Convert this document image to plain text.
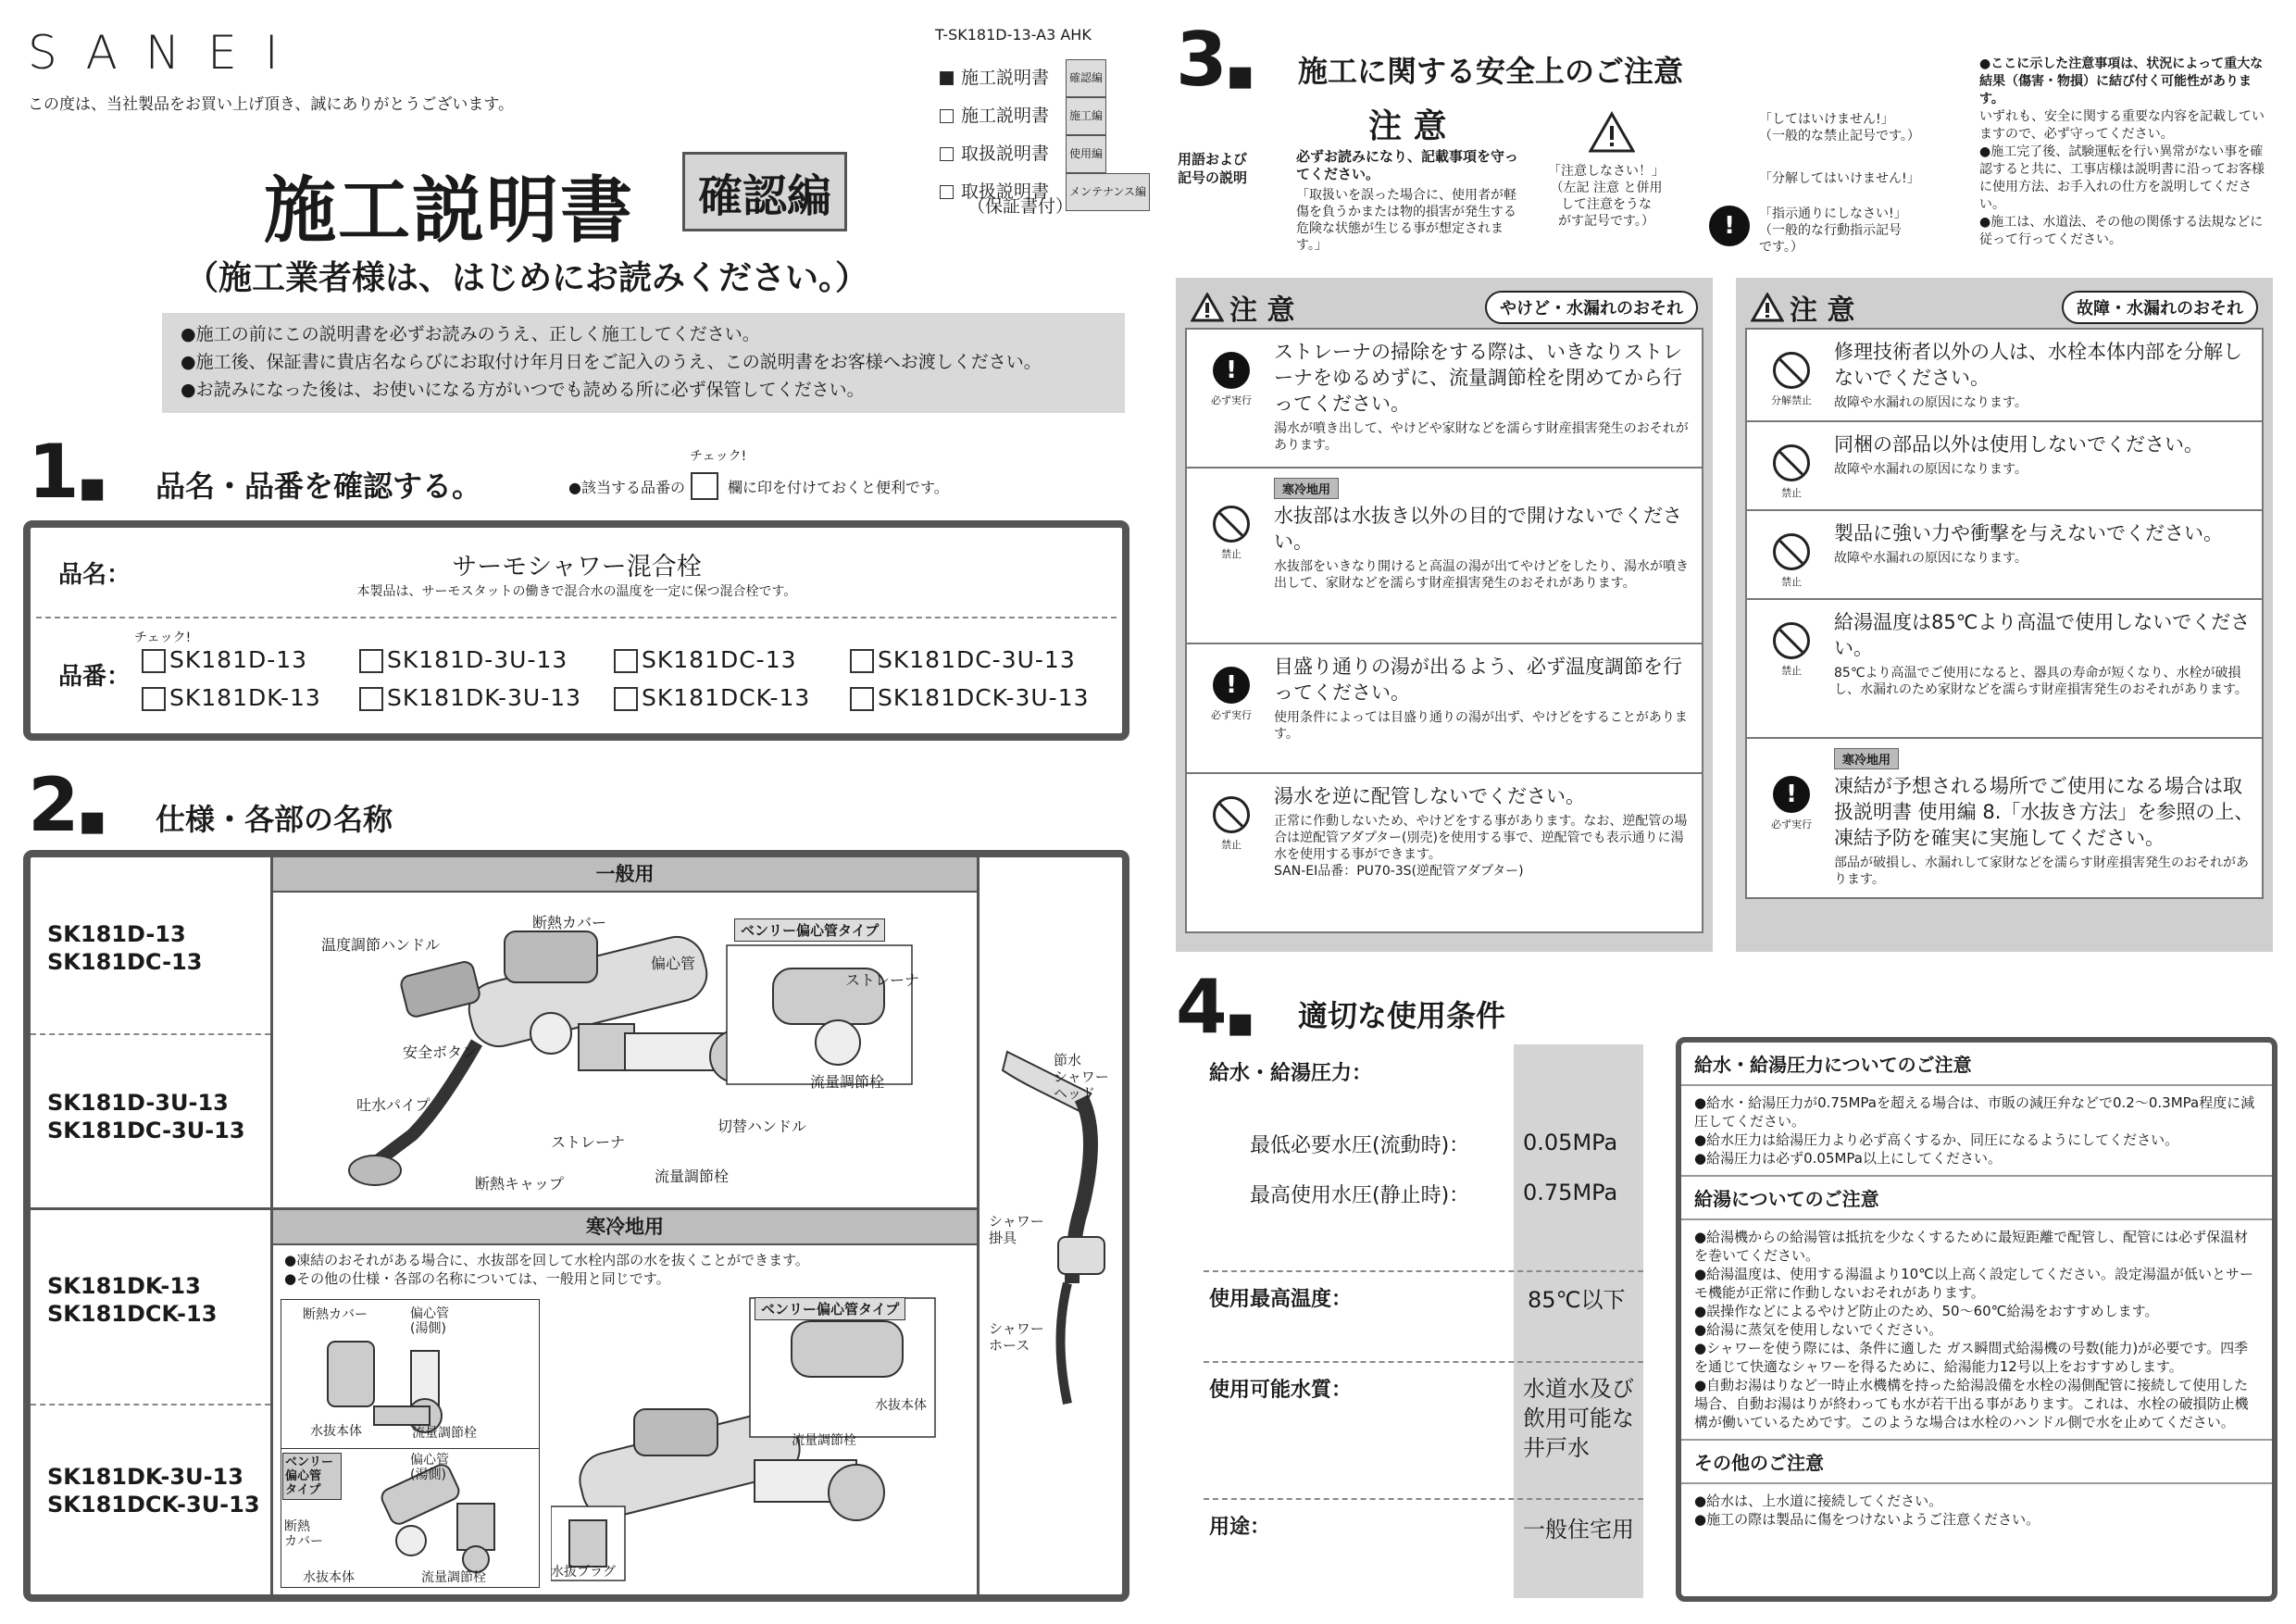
SANEI
この度は、当社製品をお買い上げ頂き、誠にありがとうございます。
T-SK181D-13-A3 AHK
施工説明書	確認編
施工説明書	施工編
取扱説明書	使用編
取扱説明書	メンテナンス編
（保証書付）
施工説明書	確認編
（施工業者様は、はじめにお読みください。）
●施工の前にこの説明書を必ずお読みのうえ、正しく施工してください。
●施工後、保証書に貴店名ならびにお取付け年月日をご記入のうえ、この説明書をお客様へお渡しください。
●お読みになった後は、お使いになる方がいつでも読める所に必ず保管してください。
1■ 品名・品番を確認する。	●該当する品番の	欄に印を付けておくと便利です。
チェック!
品名：	サーモシャワー混合栓
本製品は、サーモスタットの働きで混合水の温度を一定に保つ混合栓です。
チェック!
品番：
SK181D-13	SK181D-3U-13	SK181DC-13	SK181DC-3U-13
SK181DK-13	SK181DK-3U-13	SK181DCK-13	SK181DCK-3U-13
2■ 仕様・各部の名称
SK181D-13
SK181DC-13
SK181D-3U-13
SK181DC-3U-13
SK181DK-13
SK181DCK-13
SK181DK-3U-13
SK181DCK-3U-13
一般用
温度調節ハンドル
断熱カバー
偏心管
ベンリー偏心管タイプ
ストレーナ
安全ボタン
流量調節栓
吐水パイプ
切替ハンドル
ストレーナ
断熱キャップ	流量調節栓
寒冷地用
●凍結のおそれがある場合に、水抜部を回して水栓内部の水を抜くことができます。
●その他の仕様・各部の名称については、一般用と同じです。
断熱カバー	偏心管
(湯側)
水抜本体	流量調節栓
ベンリー
偏心管
タイプ
偏心管
(湯側)
断熱
カバー
水抜本体	流量調節栓
ベンリー偏心管タイプ
流量調節栓
水抜本体
水抜プラグ
節水
シャワー
ヘッド
シャワー
掛具
シャワー
ホース
3■ 施工に関する安全上のご注意
用語および
記号の説明
注 意
必ずお読みになり、記載事項を守ってください。
「取扱いを誤った場合に、使用者が軽傷を負うかまたは物的損害が発生する危険な状態が生じる事が想定されます。」
「注意しなさい！」
（左記 注意 と併用
して注意をうな
がす記号です。）
「してはいけません!」
（一般的な禁止記号です。）
「分解してはいけません!」
!	「指示通りにしなさい!」
（一般的な行動指示記号
です。）
●ここに示した注意事項は、状況によって重大な結果（傷害・物損）に結び付く可能性があります。
いずれも、安全に関する重要な内容を記載していますので、必ず守ってください。
●施工完了後、試験運転を行い異常がない事を確認すると共に、工事店様は説明書に沿ってお客様に使用方法、お手入れの仕方を説明してください。
●施工は、水道法、その他の関係する法規などに従って行ってください。
注 意	やけど・水漏れのおそれ
!
必ず実行
ストレーナの掃除をする際は、いきなりストレーナをゆるめずに、流量調節栓を閉めてから行ってください。
湯水が噴き出して、やけどや家財などを濡らす財産損害発生のおそれがあります。
禁止
寒冷地用
水抜部は水抜き以外の目的で開けないでください。
水抜部をいきなり開けると高温の湯が出てやけどをしたり、湯水が噴き出して、家財などを濡らす財産損害発生のおそれがあります。
!
必ず実行
目盛り通りの湯が出るよう、必ず温度調節を行ってください。
使用条件によっては目盛り通りの湯が出ず、やけどをすることがあります。
禁止
湯水を逆に配管しないでください。
正常に作動しないため、やけどをする事があります。なお、逆配管の場合は逆配管アダプター(別売)を使用する事で、逆配管でも表示通りに湯水を使用する事ができます。
SAN-EI品番：PU70-3S(逆配管アダプター)
注 意	故障・水漏れのおそれ
分解禁止
修理技術者以外の人は、水栓本体内部を分解しないでください。
故障や水漏れの原因になります。
禁止
同梱の部品以外は使用しないでください。
故障や水漏れの原因になります。
禁止
製品に強い力や衝撃を与えないでください。
故障や水漏れの原因になります。
禁止
給湯温度は85℃より高温で使用しないでください。
85℃より高温でご使用になると、器具の寿命が短くなり、水栓が破損し、水漏れのため家財などを濡らす財産損害発生のおそれがあります。
!
必ず実行
寒冷地用
凍結が予想される場所でご使用になる場合は取扱説明書 使用編 8.「水抜き方法」を参照の上、凍結予防を確実に実施してください。
部品が破損し、水漏れして家財などを濡らす財産損害発生のおそれがあります。
4■ 適切な使用条件
給水・給湯圧力：
最低必要水圧(流動時)： 0.05MPa
最高使用水圧(静止時)： 0.75MPa
使用最高温度：	85℃以下
使用可能水質：	水道水及び
飲用可能な
井戸水
用途：	一般住宅用
給水・給湯圧力についてのご注意
●給水・給湯圧力が0.75MPaを超える場合は、市販の減圧弁などで0.2～0.3MPa程度に減圧してください。
●給水圧力は給湯圧力より必ず高くするか、同圧になるようにしてください。
●給湯圧力は必ず0.05MPa以上にしてください。
給湯についてのご注意
●給湯機からの給湯管は抵抗を少なくするために最短距離で配管し、配管には必ず保温材を巻いてください。
●給湯温度は、使用する湯温より10℃以上高く設定してください。設定湯温が低いとサーモ機能が正常に作動しないおそれがあります。
●誤操作などによるやけど防止のため、50～60℃給湯をおすすめします。
●給湯に蒸気を使用しないでください。
●シャワーを使う際には、条件に適した ガス瞬間式給湯機の号数(能力)が必要です。四季を通じて快適なシャワーを得るために、給湯能力12号以上をおすすめします。
●自動お湯はりなど一時止水機構を持った給湯設備を水栓の湯側配管に接続して使用した場合、自動お湯はりが終わっても水が若干出る事があります。これは、水栓の破損防止機構が働いているためです。このような場合は水栓のハンドル側で水を止めてください。
その他のご注意
●給水は、上水道に接続してください。
●施工の際は製品に傷をつけないようご注意ください。
